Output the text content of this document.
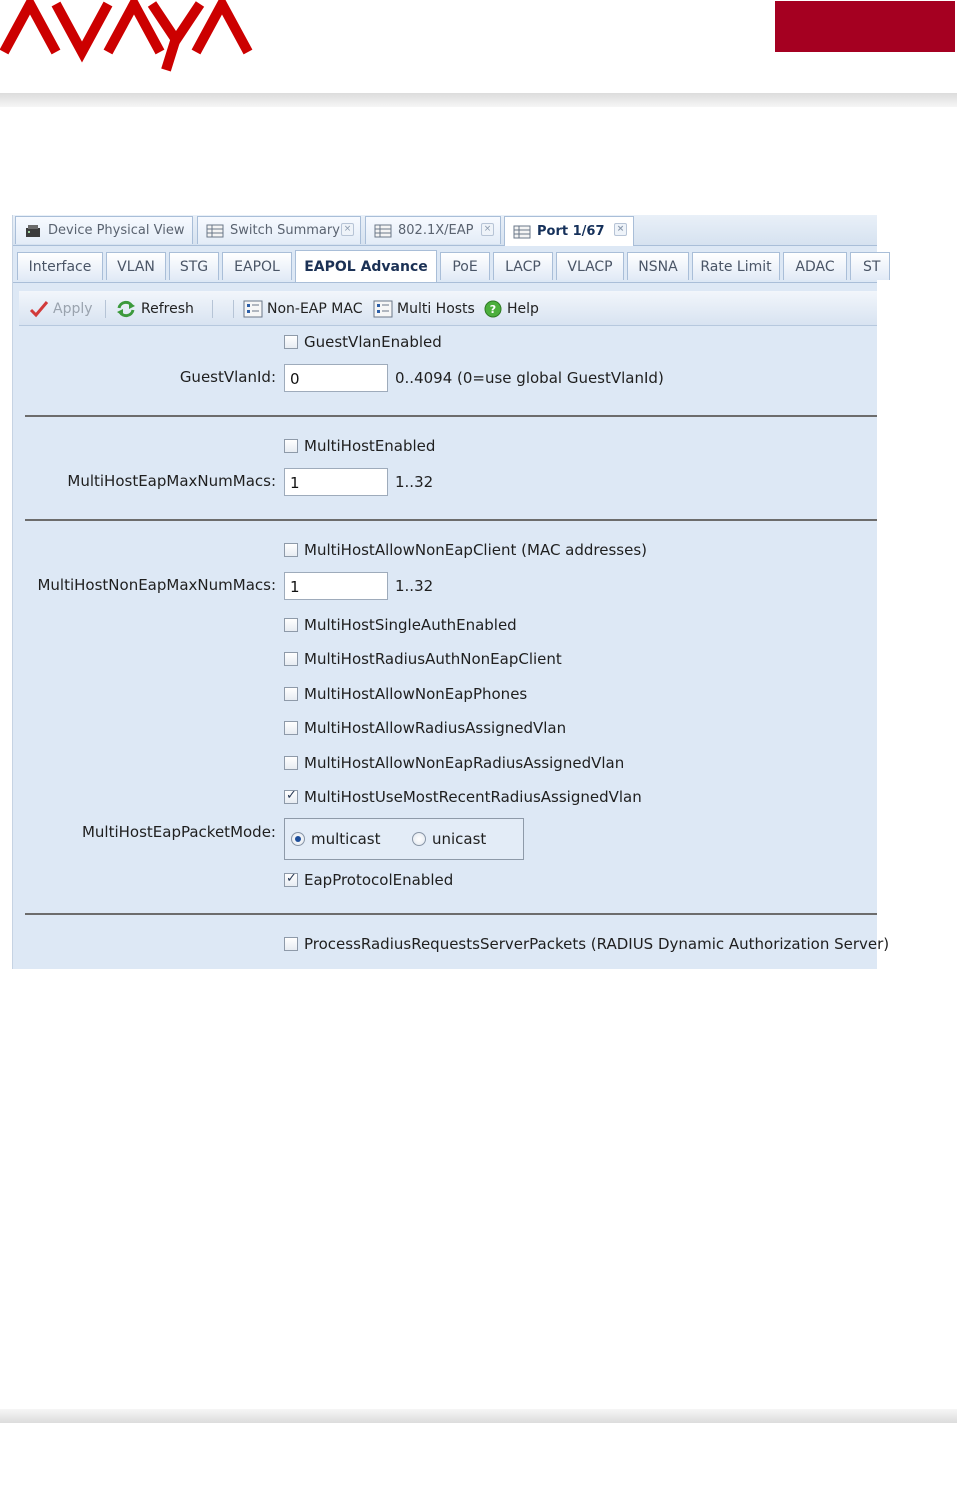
Device Physical View	Switch Summary ×	802.1X/EAP	×	Port 1/67	×
Interface	VLAN	STG	EAPOL	EAPOL Advance	PoE	LACP	VLACP	NSNA	Rate Limit	ADAC	ST
Apply	Refresh	Non-EAP MAC Multi Hosts ? Help
GuestVlanEnabled
GuestVlanId: 0	0..4094 (0=use global GuestVlanId)
MultiHostEnabled
MultiHostEapMaxNumMacs: 1	1..32
MultiHostAllowNonEapClient (MAC addresses)
MultiHostNonEapMaxNumMacs: 1	1..32
MultiHostSingleAuthEnabled
MultiHostRadiusAuthNonEapClient
MultiHostAllowNonEapPhones
MultiHostAllowRadiusAssignedVlan
MultiHostAllowNonEapRadiusAssignedVlan
✓
MultiHostUseMostRecentRadiusAssignedVlan
MultiHostEapPacketMode: multicast	unicast
✓
EapProtocolEnabled
ProcessRadiusRequestsServerPackets (RADIUS Dynamic Authorization Server)
